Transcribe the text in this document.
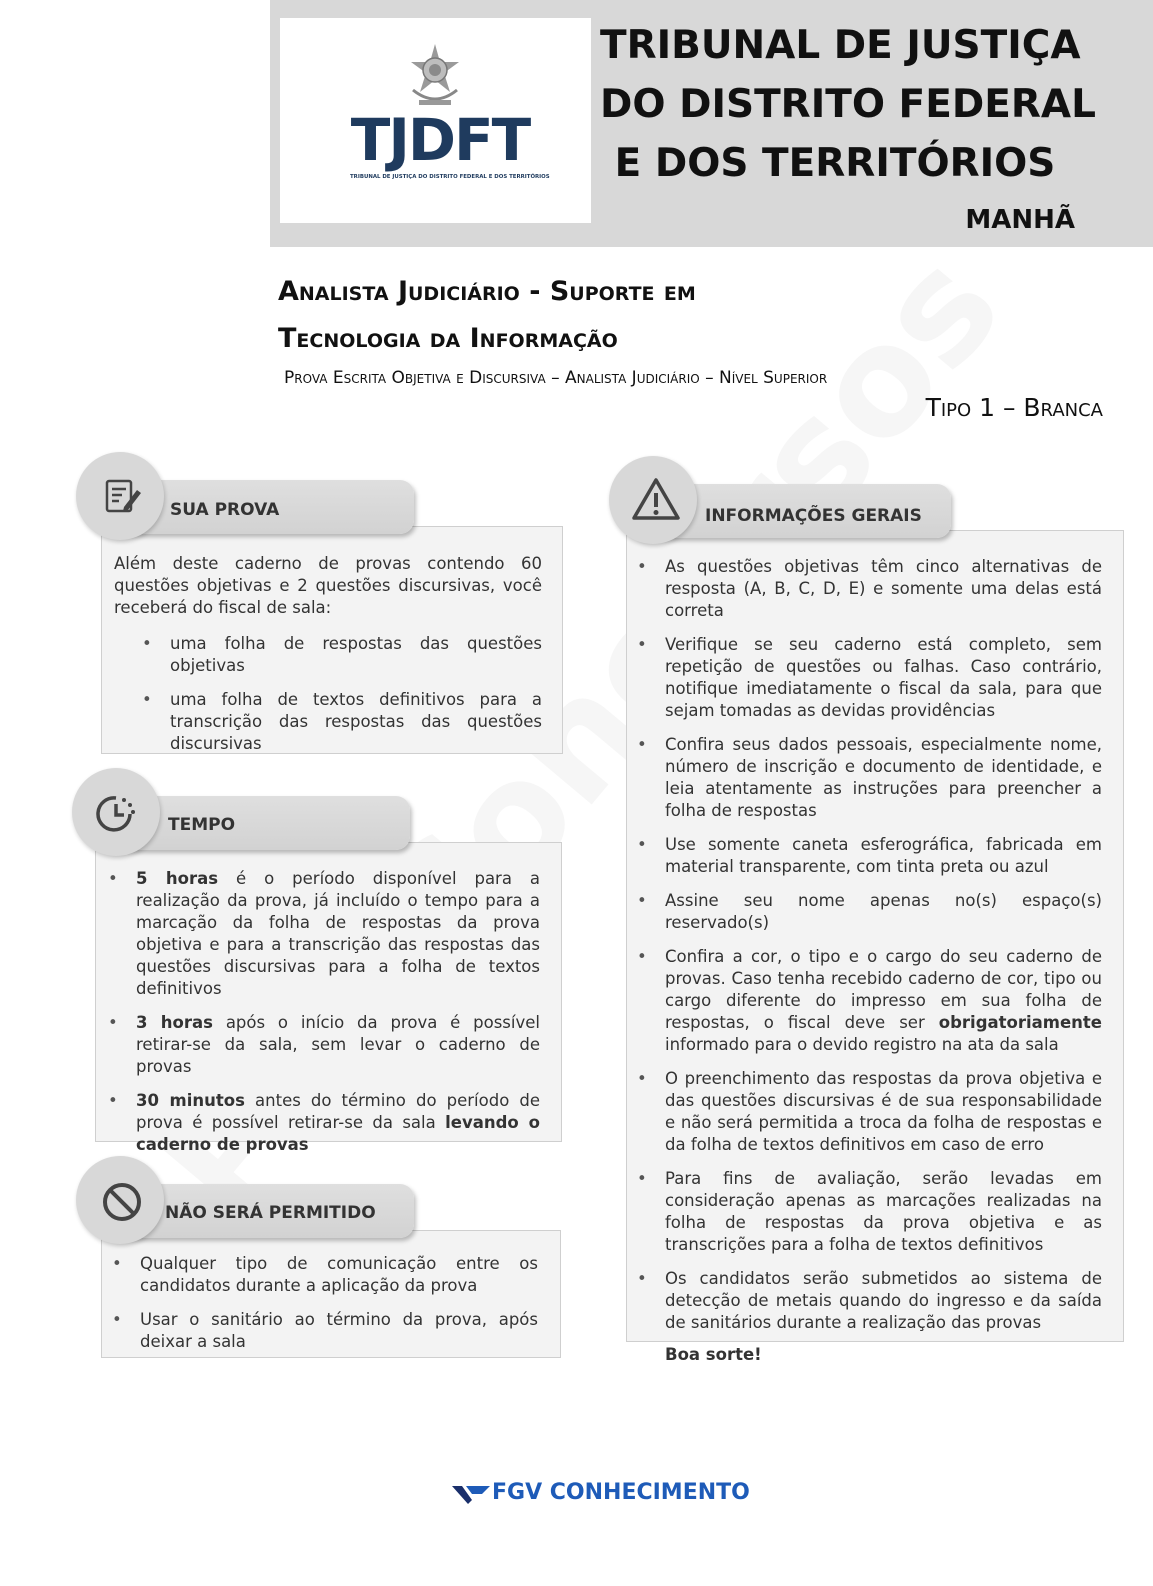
TJDFT
TRIBUNAL DE JUSTIÇA DO DISTRITO FEDERAL E DOS TERRITÓRIOS
TRIBUNAL DE JUSTIÇA
DO DISTRITO FEDERAL
E DOS TERRITÓRIOS
MANHÃ
Analista Judiciário - Suporte em
Tecnologia da Informação
Prova Escrita Objetiva e Discursiva – Analista Judiciário – Nível Superior
Tipo 1 – Branca
SUA PROVA

Além deste caderno de provas contendo 60 questões objetivas e 2 questões discursivas, você receberá do fiscal de sala:

• uma folha de respostas das questões objetivas
• uma folha de textos definitivos para a transcrição das respostas das questões discursivas
TEMPO
• 5 horas é o período disponível para a realização da prova, já incluído o tempo para a marcação da folha de respostas da prova objetiva e para a transcrição das respostas das questões discursivas para a folha de textos definitivos
• 3 horas após o início da prova é possível retirar-se da sala, sem levar o caderno de provas
• 30 minutos antes do término do período de prova é possível retirar-se da sala levando o caderno de provas
NÃO SERÁ PERMITIDO
• Qualquer tipo de comunicação entre os candidatos durante a aplicação da prova
• Usar o sanitário ao término da prova, após deixar a sala
INFORMAÇÕES GERAIS
• As questões objetivas têm cinco alternativas de resposta (A, B, C, D, E) e somente uma delas está correta
• Verifique se seu caderno está completo, sem repetição de questões ou falhas. Caso contrário, notifique imediatamente o fiscal da sala, para que sejam tomadas as devidas providências
• Confira seus dados pessoais, especialmente nome, número de inscrição e documento de identidade, e leia atentamente as instruções para preencher a folha de respostas
• Use somente caneta esferográfica, fabricada em material transparente, com tinta preta ou azul
• Assine seu nome apenas no(s) espaço(s) reservado(s)
• Confira a cor, o tipo e o cargo do seu caderno de provas. Caso tenha recebido caderno de cor, tipo ou cargo diferente do impresso em sua folha de respostas, o fiscal deve ser obrigatoriamente informado para o devido registro na ata da sala
• O preenchimento das respostas da prova objetiva e das questões discursivas é de sua responsabilidade e não será permitida a troca da folha de respostas e da folha de textos definitivos em caso de erro
• Para fins de avaliação, serão levadas em consideração apenas as marcações realizadas na folha de respostas da prova objetiva e as transcrições para a folha de textos definitivos
• Os candidatos serão submetidos ao sistema de detecção de metais quando do ingresso e da saída de sanitários durante a realização das provas

Boa sorte!

FGV CONHECIMENTO
